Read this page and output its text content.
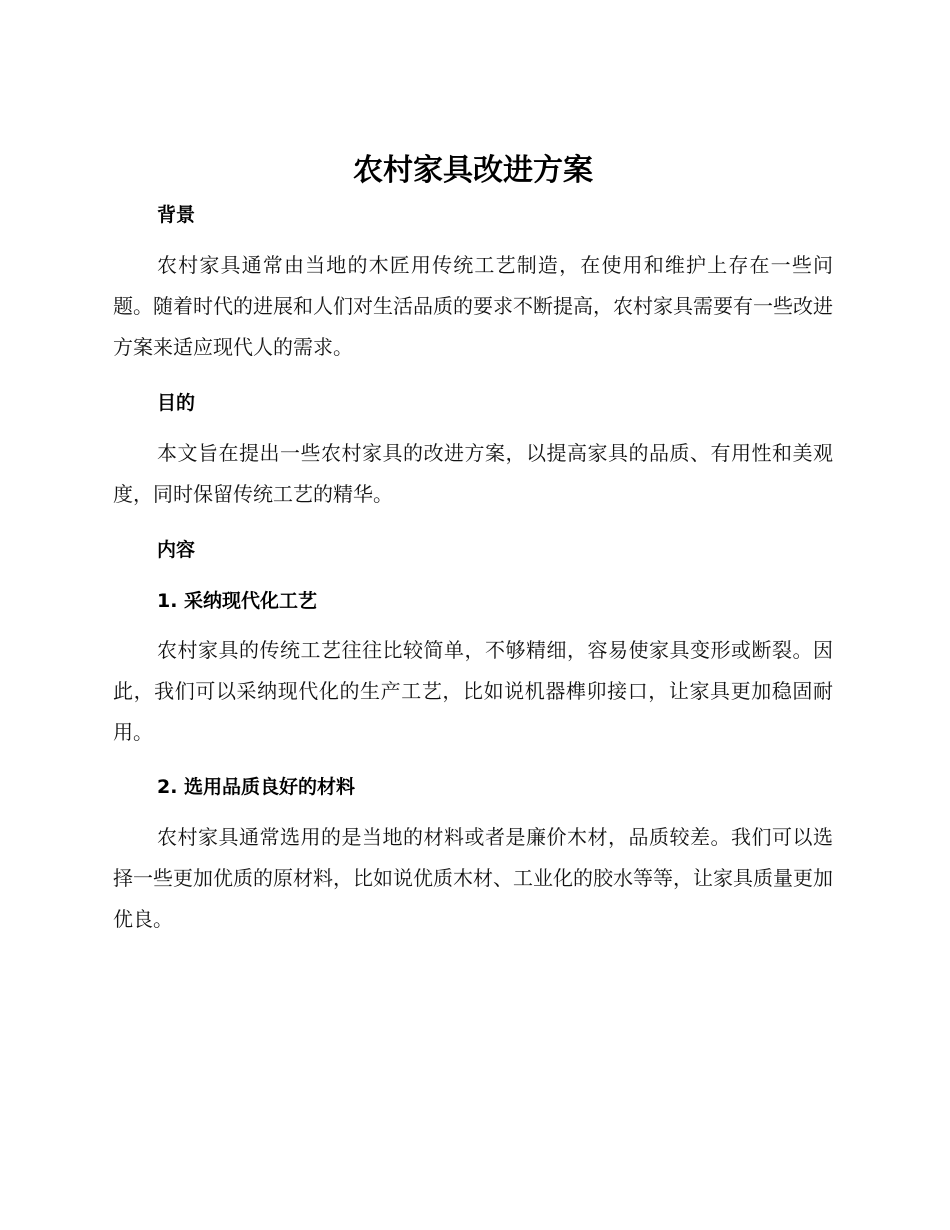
农村家具改进方案
背景

农村家具通常由当地的木匠用传统工艺制造，在使用和维护上存在一些问题。随着时代的进展和人们对生活品质的要求不断提高，农村家具需要有一些改进方案来适应现代人的需求。

目的

本文旨在提出一些农村家具的改进方案，以提高家具的品质、有用性和美观度，同时保留传统工艺的精华。

内容
1. 采纳现代化工艺

农村家具的传统工艺往往比较简单，不够精细，容易使家具变形或断裂。因此，我们可以采纳现代化的生产工艺，比如说机器榫卯接口，让家具更加稳固耐用。

2. 选用品质良好的材料

农村家具通常选用的是当地的材料或者是廉价木材，品质较差。我们可以选择一些更加优质的原材料，比如说优质木材、工业化的胶水等等，让家具质量更加优良。
